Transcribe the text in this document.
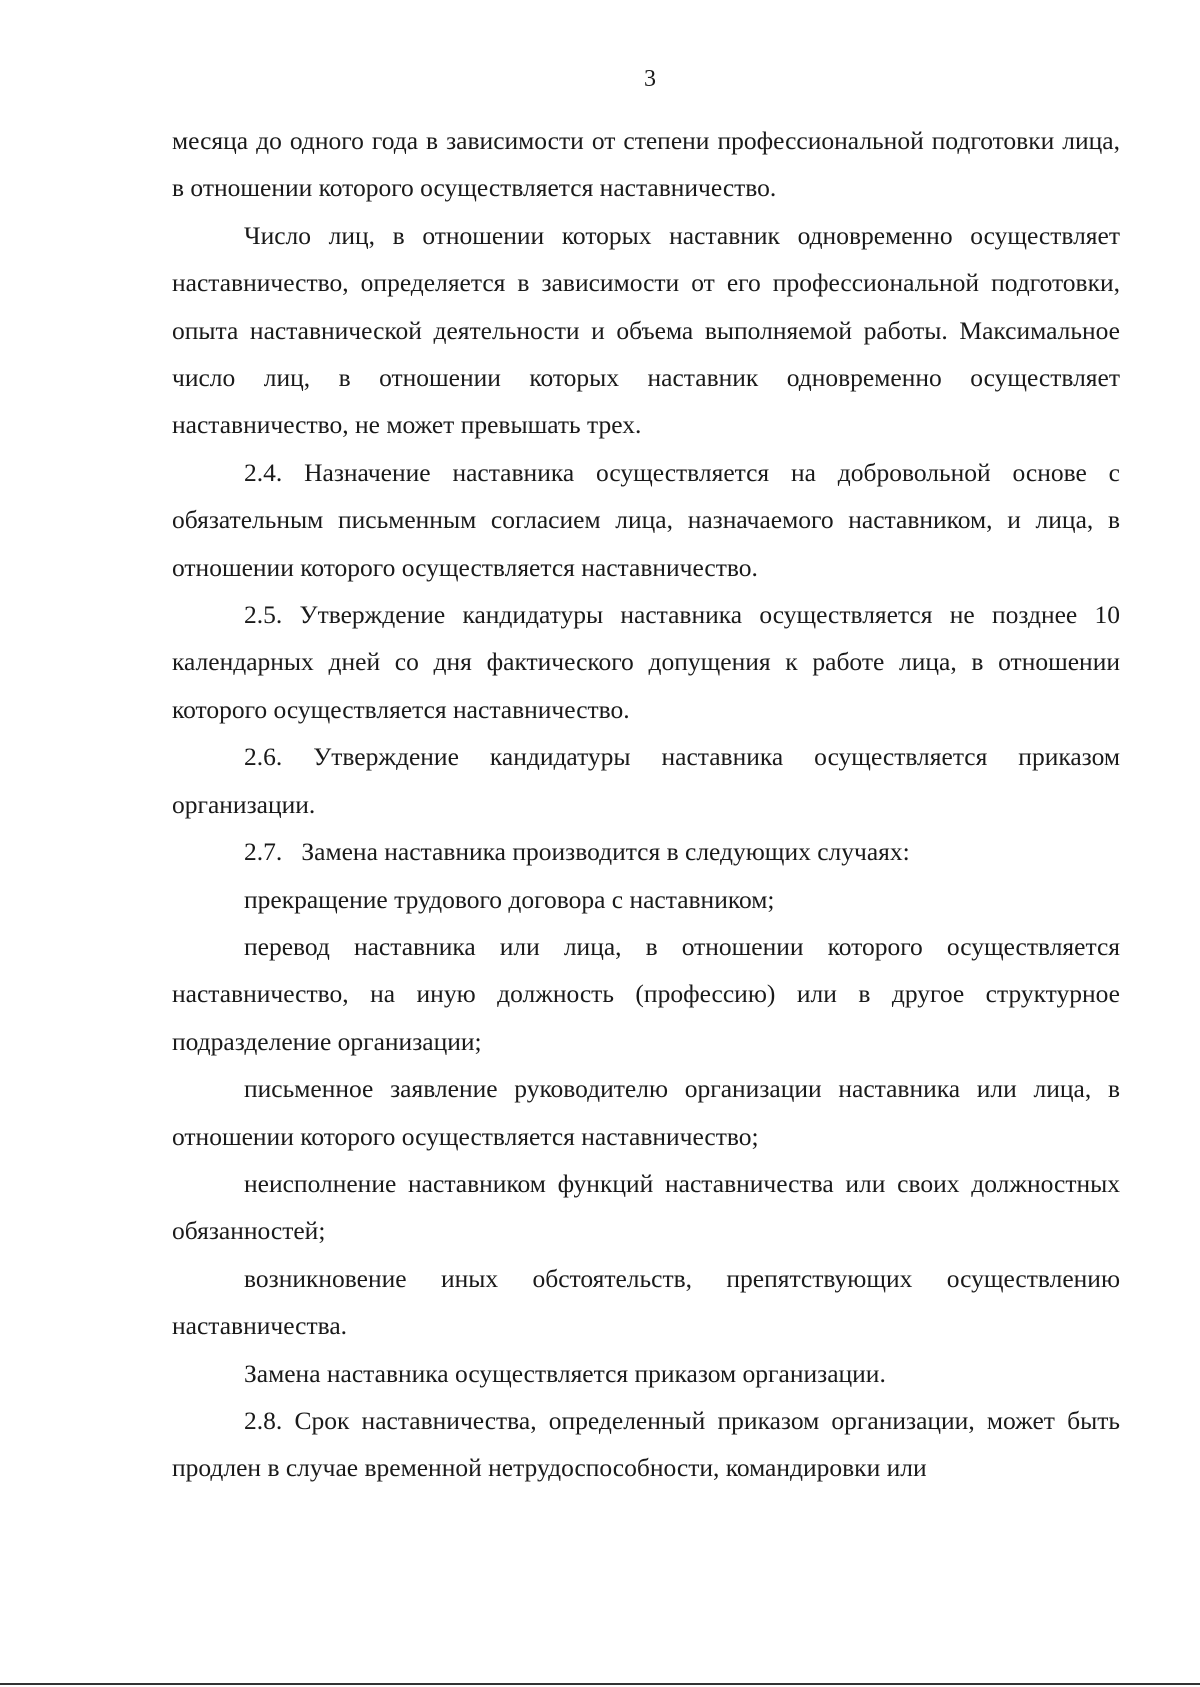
3

месяца до одного года в зависимости от степени профессиональной подготовки лица, в отношении которого осуществляется наставничество.

Число лиц, в отношении которых наставник одновременно осуществляет наставничество, определяется в зависимости от его профессиональной подготовки, опыта наставнической деятельности и объема выполняемой работы. Максимальное число лиц, в отношении которых наставник одновременно осуществляет наставничество, не может превышать трех.

2.4. Назначение наставника осуществляется на добровольной основе с обязательным письменным согласием лица, назначаемого наставником, и лица, в отношении которого осуществляется наставничество.

2.5. Утверждение кандидатуры наставника осуществляется не позднее 10 календарных дней со дня фактического допущения к работе лица, в отношении которого осуществляется наставничество.

2.6. Утверждение кандидатуры наставника осуществляется приказом организации.

2.7.   Замена наставника производится в следующих случаях:

прекращение трудового договора с наставником;

перевод наставника или лица, в отношении которого осуществляется наставничество, на иную должность (профессию) или в другое структурное подразделение организации;

письменное заявление руководителю организации наставника или лица, в отношении которого осуществляется наставничество;

неисполнение наставником функций наставничества или своих должностных обязанностей;

возникновение иных обстоятельств, препятствующих осуществлению наставничества.

Замена наставника осуществляется приказом организации.

2.8. Срок наставничества, определенный приказом организации, может быть продлен в случае временной нетрудоспособности, командировки или
